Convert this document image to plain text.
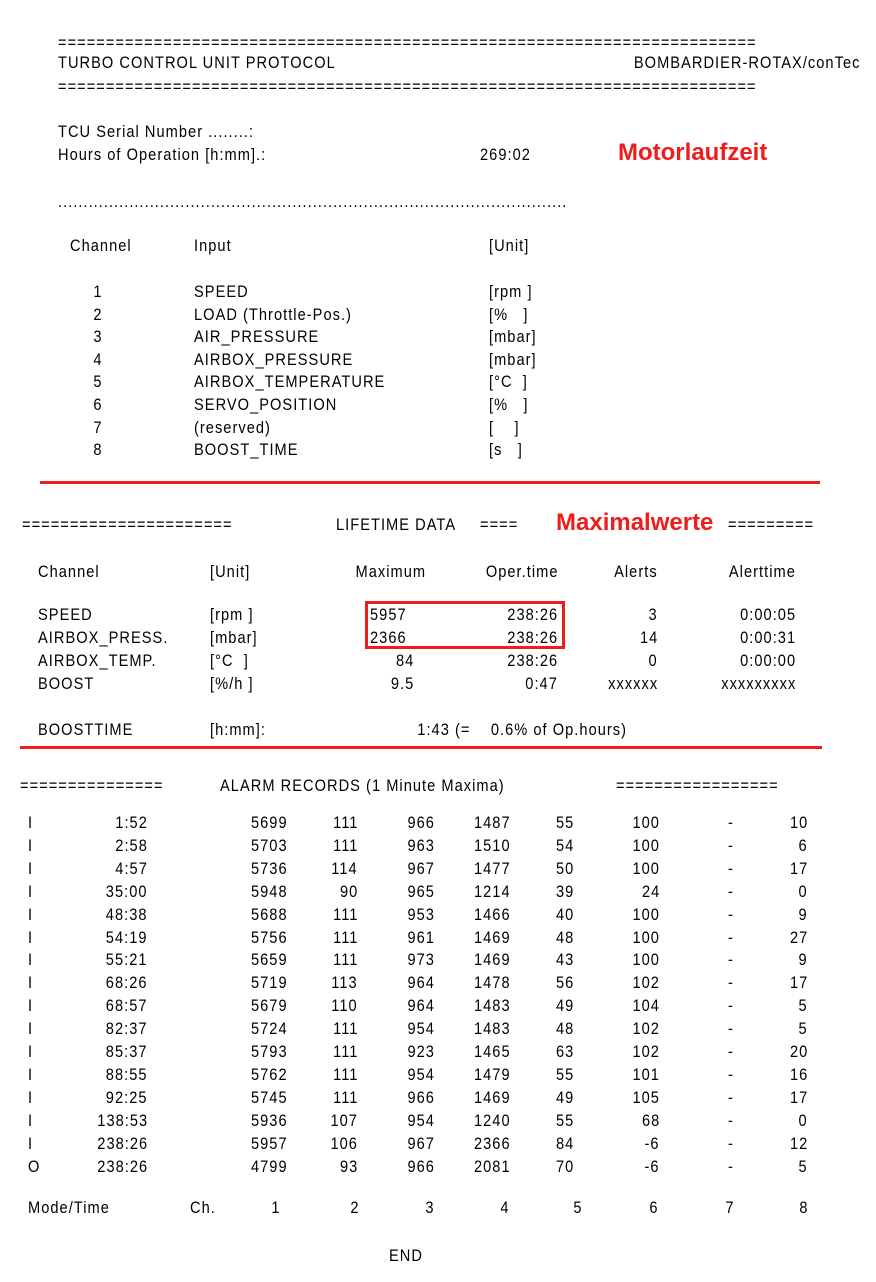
=========================================================================
TURBO CONTROL UNIT PROTOCOL	BOMBARDIER-ROTAX/conTec
=========================================================================
TCU Serial Number ........:
Hours of Operation [h:mm].:	269:02	Motorlaufzeit
....................................................................................................
Channel	Input	[Unit]
1	SPEED	[rpm ]
2	LOAD (Throttle-Pos.)	[%   ]
3	AIR_PRESSURE	[mbar]
4	AIRBOX_PRESSURE	[mbar]
5	AIRBOX_TEMPERATURE	[°C  ]
6	SERVO_POSITION	[%   ]
7	(reserved)	[    ]
8	BOOST_TIME	[s   ]
======================	LIFETIME DATA ==== Maximalwerte =========
Channel	[Unit]	Maximum	Oper.time	Alerts	Alerttime
SPEED	[rpm ]	5957	238:26	3	0:00:05
AIRBOX_PRESS. [mbar]	2366	238:26	14	0:00:31
AIRBOX_TEMP.	[°C  ]	84	238:26	0	0:00:00
BOOST	[%/h ]	9.5	0:47	xxxxxx	xxxxxxxxx
BOOSTTIME	[h:mm]:	1:43 (=    0.6% of Op.hours)
===============	ALARM RECORDS (1 Minute Maxima)	=================
I	1:52	5699	111	966 1487	55	100	-	10
I	2:58	5703	111	963 1510	54	100	-	6
I	4:57	5736	114	967 1477	50	100	-	17
I	35:00	5948	90	965 1214	39	24	-	0
I	48:38	5688	111	953 1466	40	100	-	9
I	54:19	5756	111	961 1469	48	100	-	27
I	55:21	5659	111	973 1469	43	100	-	9
I	68:26	5719	113	964 1478	56	102	-	17
I	68:57	5679	110	964 1483	49	104	-	5
I	82:37	5724	111	954 1483	48	102	-	5
I	85:37	5793	111	923 1465	63	102	-	20
I	88:55	5762	111	954 1479	55	101	-	16
I	92:25	5745	111	966 1469	49	105	-	17
I	138:53	5936	107	954 1240	55	68	-	0
I	238:26	5957	106	967 2366	84	-6	-	12
O	238:26	4799	93	966 2081	70	-6	-	5
Mode/Time	Ch.	1	2	3	4	5	6	7	8
END
